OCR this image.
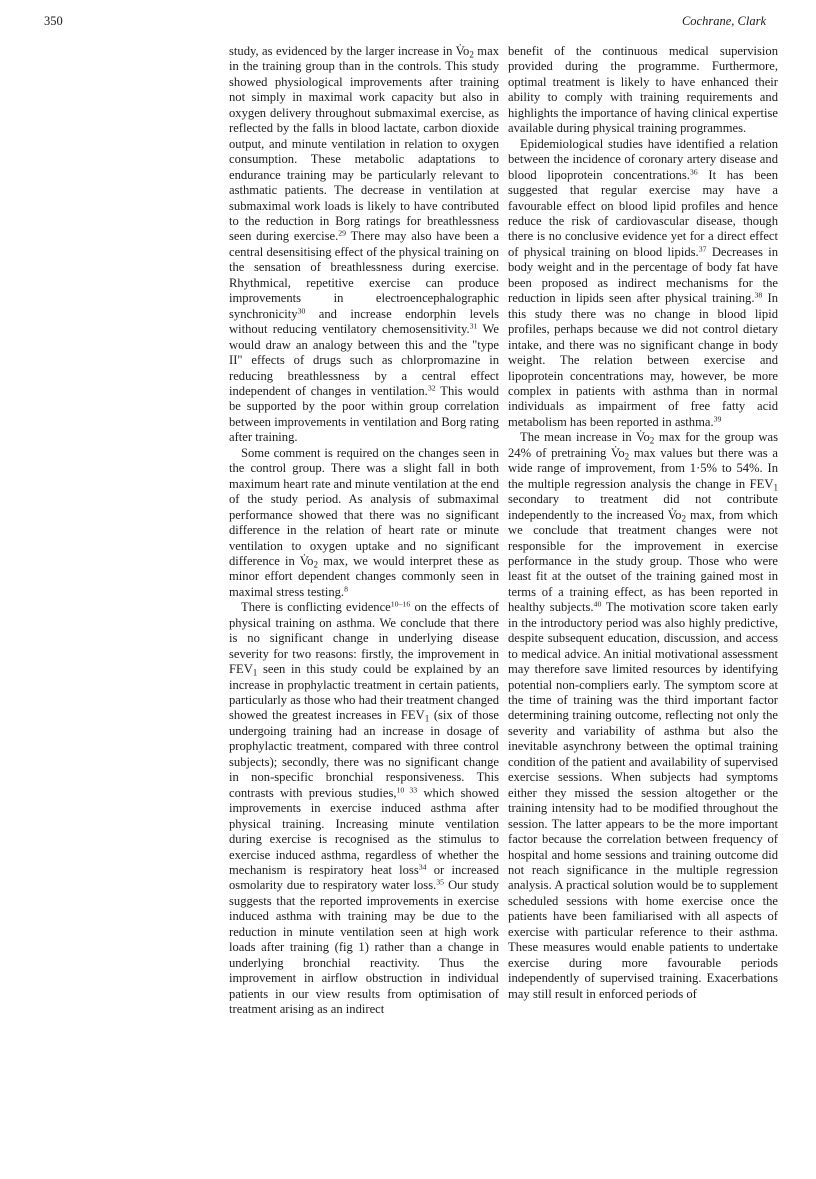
350	Cochrane, Clark

study, as evidenced by the larger increase in $V̇o_2$ max in the training group than in the controls. This study showed physiological improvements after training not simply in maximal work capacity but also in oxygen delivery throughout submaximal exercise, as reflected by the falls in blood lactate, carbon dioxide output, and minute ventilation in relation to oxygen consumption. These metabolic adaptations to endurance training may be particularly relevant to asthmatic patients. The decrease in ventilation at submaximal work loads is likely to have contributed to the reduction in Borg ratings for breathlessness seen during exercise.$^{29}$ There may also have been a central desensitising effect of the physical training on the sensation of breathlessness during exercise. Rhythmical, repetitive exercise can produce improvements in electroencephalographic synchronicity$^{30}$ and increase endorphin levels without reducing ventilatory chemosensitivity.$^{31}$ We would draw an analogy between this and the "type II" effects of drugs such as chlorpromazine in reducing breathlessness by a central effect independent of changes in ventilation.$^{32}$ This would be supported by the poor within group correlation between improvements in ventilation and Borg rating after training.

Some comment is required on the changes seen in the control group. There was a slight fall in both maximum heart rate and minute ventilation at the end of the study period. As analysis of submaximal performance showed that there was no significant difference in the relation of heart rate or minute ventilation to oxygen uptake and no significant difference in $V̇o_2$ max, we would interpret these as minor effort dependent changes commonly seen in maximal stress testing.$^8$

There is conflicting evidence$^{10-16}$ on the effects of physical training on asthma. We conclude that there is no significant change in underlying disease severity for two reasons: firstly, the improvement in $FEV_1$ seen in this study could be explained by an increase in prophylactic treatment in certain patients, particularly as those who had their treatment changed showed the greatest increases in $FEV_1$ (six of those undergoing training had an increase in dosage of prophylactic treatment, compared with three control subjects); secondly, there was no significant change in non-specific bronchial responsiveness. This contrasts with previous studies,$^{10 33}$ which showed improvements in exercise induced asthma after physical training. Increasing minute ventilation during exercise is recognised as the stimulus to exercise induced asthma, regardless of whether the mechanism is respiratory heat loss$^{34}$ or increased osmolarity due to respiratory water loss.$^{35}$ Our study suggests that the reported improvements in exercise induced asthma with training may be due to the reduction in minute ventilation seen at high work loads after training (fig 1) rather than a change in underlying bronchial reactivity. Thus the improvement in airflow obstruction in individual patients in our view results from optimisation of treatment arising as an indirect

benefit of the continuous medical supervision provided during the programme. Furthermore, optimal treatment is likely to have enhanced their ability to comply with training requirements and highlights the importance of having clinical expertise available during physical training programmes.

Epidemiological studies have identified a relation between the incidence of coronary artery disease and blood lipoprotein concentrations.$^{36}$ It has been suggested that regular exercise may have a favourable effect on blood lipid profiles and hence reduce the risk of cardiovascular disease, though there is no conclusive evidence yet for a direct effect of physical training on blood lipids.$^{37}$ Decreases in body weight and in the percentage of body fat have been proposed as indirect mechanisms for the reduction in lipids seen after physical training.$^{38}$ In this study there was no change in blood lipid profiles, perhaps because we did not control dietary intake, and there was no significant change in body weight. The relation between exercise and lipoprotein concentrations may, however, be more complex in patients with asthma than in normal individuals as impairment of free fatty acid metabolism has been reported in asthma.$^{39}$

The mean increase in $V̇o_2$ max for the group was 24% of pretraining $V̇o_2$ max values but there was a wide range of improvement, from 1·5% to 54%. In the multiple regression analysis the change in $FEV_1$ secondary to treatment did not contribute independently to the increased $V̇o_2$ max, from which we conclude that treatment changes were not responsible for the improvement in exercise performance in the study group. Those who were least fit at the outset of the training gained most in terms of a training effect, as has been reported in healthy subjects.$^{40}$ The motivation score taken early in the introductory period was also highly predictive, despite subsequent education, discussion, and access to medical advice. An initial motivational assessment may therefore save limited resources by identifying potential non-compliers early. The symptom score at the time of training was the third important factor determining training outcome, reflecting not only the severity and variability of asthma but also the inevitable asynchrony between the optimal training condition of the patient and availability of supervised exercise sessions. When subjects had symptoms either they missed the session altogether or the training intensity had to be modified throughout the session. The latter appears to be the more important factor because the correlation between frequency of hospital and home sessions and training outcome did not reach significance in the multiple regression analysis. A practical solution would be to supplement scheduled sessions with home exercise once the patients have been familiarised with all aspects of exercise with particular reference to their asthma. These measures would enable patients to undertake exercise during more favourable periods independently of supervised training. Exacerbations may still result in enforced periods of
